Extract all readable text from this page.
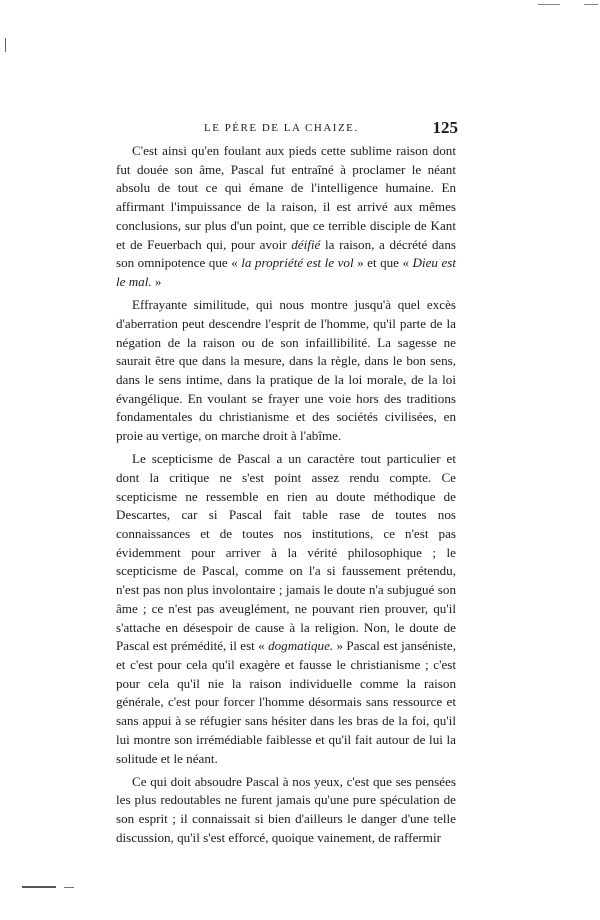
LE PÈRE DE LA CHAIZE.	125

C'est ainsi qu'en foulant aux pieds cette sublime raison dont fut douée son âme, Pascal fut entraîné à proclamer le néant absolu de tout ce qui émane de l'intelligence humaine. En affirmant l'impuissance de la raison, il est arrivé aux mêmes conclusions, sur plus d'un point, que ce terrible disciple de Kant et de Feuerbach qui, pour avoir déifié la raison, a décrété dans son omnipotence que « la propriété est le vol » et que « Dieu est le mal. »

Effrayante similitude, qui nous montre jusqu'à quel excès d'aberration peut descendre l'esprit de l'homme, qu'il parte de la négation de la raison ou de son infaillibilité. La sagesse ne saurait être que dans la mesure, dans la règle, dans le bon sens, dans le sens intime, dans la pratique de la loi morale, de la loi évangélique. En voulant se frayer une voie hors des traditions fondamentales du christianisme et des sociétés civilisées, en proie au vertige, on marche droit à l'abîme.

Le scepticisme de Pascal a un caractère tout particulier et dont la critique ne s'est point assez rendu compte. Ce scepticisme ne ressemble en rien au doute méthodique de Descartes, car si Pascal fait table rase de toutes nos connaissances et de toutes nos institutions, ce n'est pas évidemment pour arriver à la vérité philosophique ; le scepticisme de Pascal, comme on l'a si faussement prétendu, n'est pas non plus involontaire ; jamais le doute n'a subjugué son âme ; ce n'est pas aveuglément, ne pouvant rien prouver, qu'il s'attache en désespoir de cause à la religion. Non, le doute de Pascal est prémédité, il est « dogmatique. » Pascal est janséniste, et c'est pour cela qu'il exagère et fausse le christianisme ; c'est pour cela qu'il nie la raison individuelle comme la raison générale, c'est pour forcer l'homme désormais sans ressource et sans appui à se réfugier sans hésiter dans les bras de la foi, qu'il lui montre son irrémédiable faiblesse et qu'il fait autour de lui la solitude et le néant.

Ce qui doit absoudre Pascal à nos yeux, c'est que ses pensées les plus redoutables ne furent jamais qu'une pure spéculation de son esprit ; il connaissait si bien d'ailleurs le danger d'une telle discussion, qu'il s'est efforcé, quoique vainement, de raffermir
